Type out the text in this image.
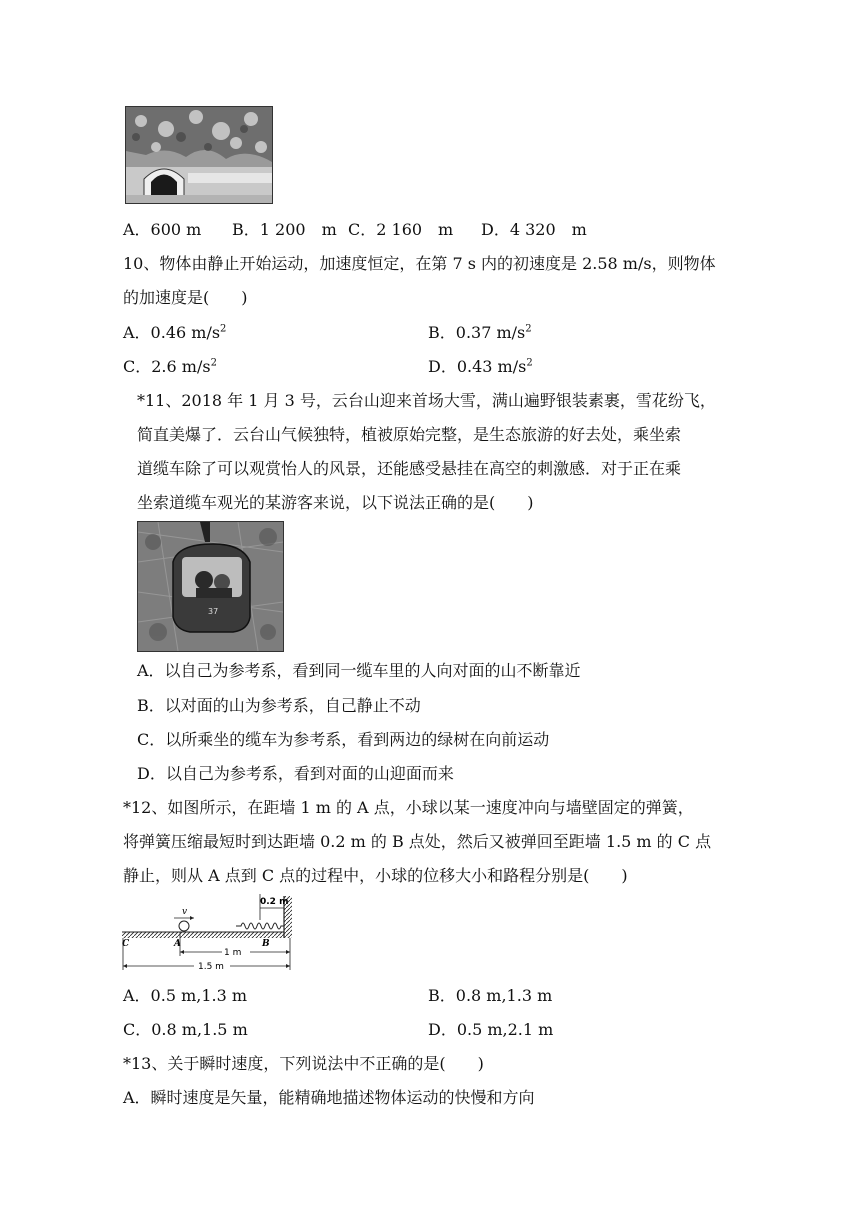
A．600 m B．1 200　m C．2 160　m D．4 320　m
10、物体由静止开始运动，加速度恒定，在第 7 s 内的初速度是 2.58 m/s，则物体
的加速度是(　　)
A．0.46 $m/s^2$	B．0.37 $m/s^2$
C．2.6 $m/s^2$	D．0.43 $m/s^2$
*11、2018 年 1 月 3 号，云台山迎来首场大雪，满山遍野银装素裹，雪花纷飞，
简直美爆了．云台山气候独特，植被原始完整，是生态旅游的好去处，乘坐索
道缆车除了可以观赏怡人的风景，还能感受悬挂在高空的刺激感．对于正在乘
坐索道缆车观光的某游客来说，以下说法正确的是(　　)
37
A．以自己为参考系，看到同一缆车里的人向对面的山不断靠近
B．以对面的山为参考系，自己静止不动
C．以所乘坐的缆车为参考系，看到两边的绿树在向前运动
D．以自己为参考系，看到对面的山迎面而来
*12、如图所示，在距墙 1 m 的 A 点，小球以某一速度冲向与墙壁固定的弹簧，
将弹簧压缩最短时到达距墙 0.2 m 的 B 点处，然后又被弹回至距墙 1.5 m 的 C 点
静止，则从 A 点到 C 点的过程中，小球的位移大小和路程分别是(　　)
0.2 m
v
C	A	B
1 m
1.5 m
A．0.5 m,1.3 m	B．0.8 m,1.3 m
C．0.8 m,1.5 m	D．0.5 m,2.1 m
*13、关于瞬时速度，下列说法中不正确的是(　　)
A．瞬时速度是矢量，能精确地描述物体运动的快慢和方向
